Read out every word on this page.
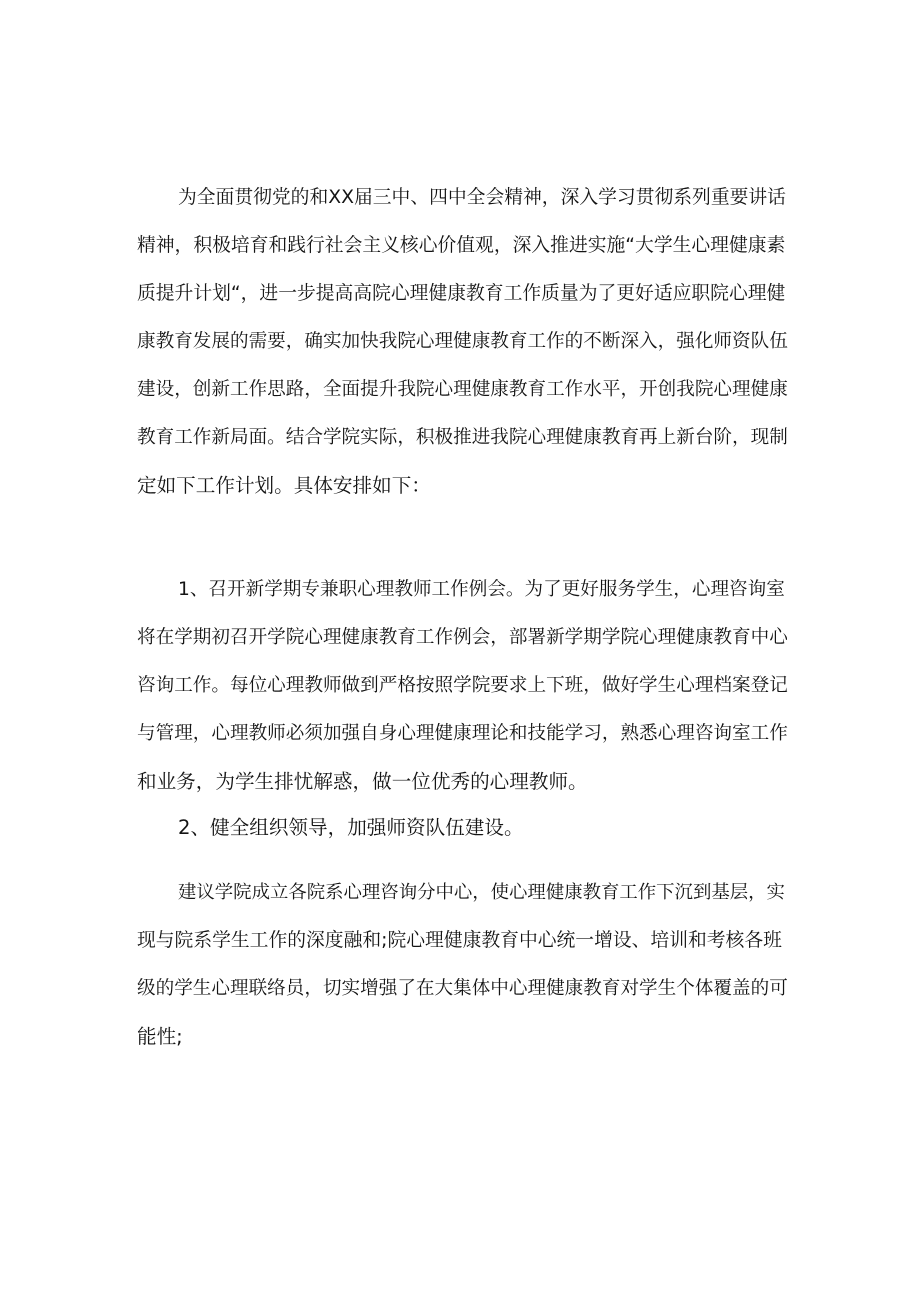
为全面贯彻党的和XX届三中、四中全会精神，深入学习贯彻系列重要讲话
精神，积极培育和践行社会主义核心价值观，深入推进实施“大学生心理健康素
质提升计划“，进一步提高高院心理健康教育工作质量为了更好适应职院心理健
康教育发展的需要，确实加快我院心理健康教育工作的不断深入，强化师资队伍
建设，创新工作思路，全面提升我院心理健康教育工作水平，开创我院心理健康
教育工作新局面。结合学院实际，积极推进我院心理健康教育再上新台阶，现制
定如下工作计划。具体安排如下：
1、召开新学期专兼职心理教师工作例会。为了更好服务学生，心理咨询室
将在学期初召开学院心理健康教育工作例会，部署新学期学院心理健康教育中心
咨询工作。每位心理教师做到严格按照学院要求上下班，做好学生心理档案登记
与管理，心理教师必须加强自身心理健康理论和技能学习，熟悉心理咨询室工作
和业务，为学生排忧解惑，做一位优秀的心理教师。
2、健全组织领导，加强师资队伍建设。
建议学院成立各院系心理咨询分中心，使心理健康教育工作下沉到基层，实
现与院系学生工作的深度融和;院心理健康教育中心统一增设、培训和考核各班
级的学生心理联络员，切实增强了在大集体中心理健康教育对学生个体覆盖的可
能性;
